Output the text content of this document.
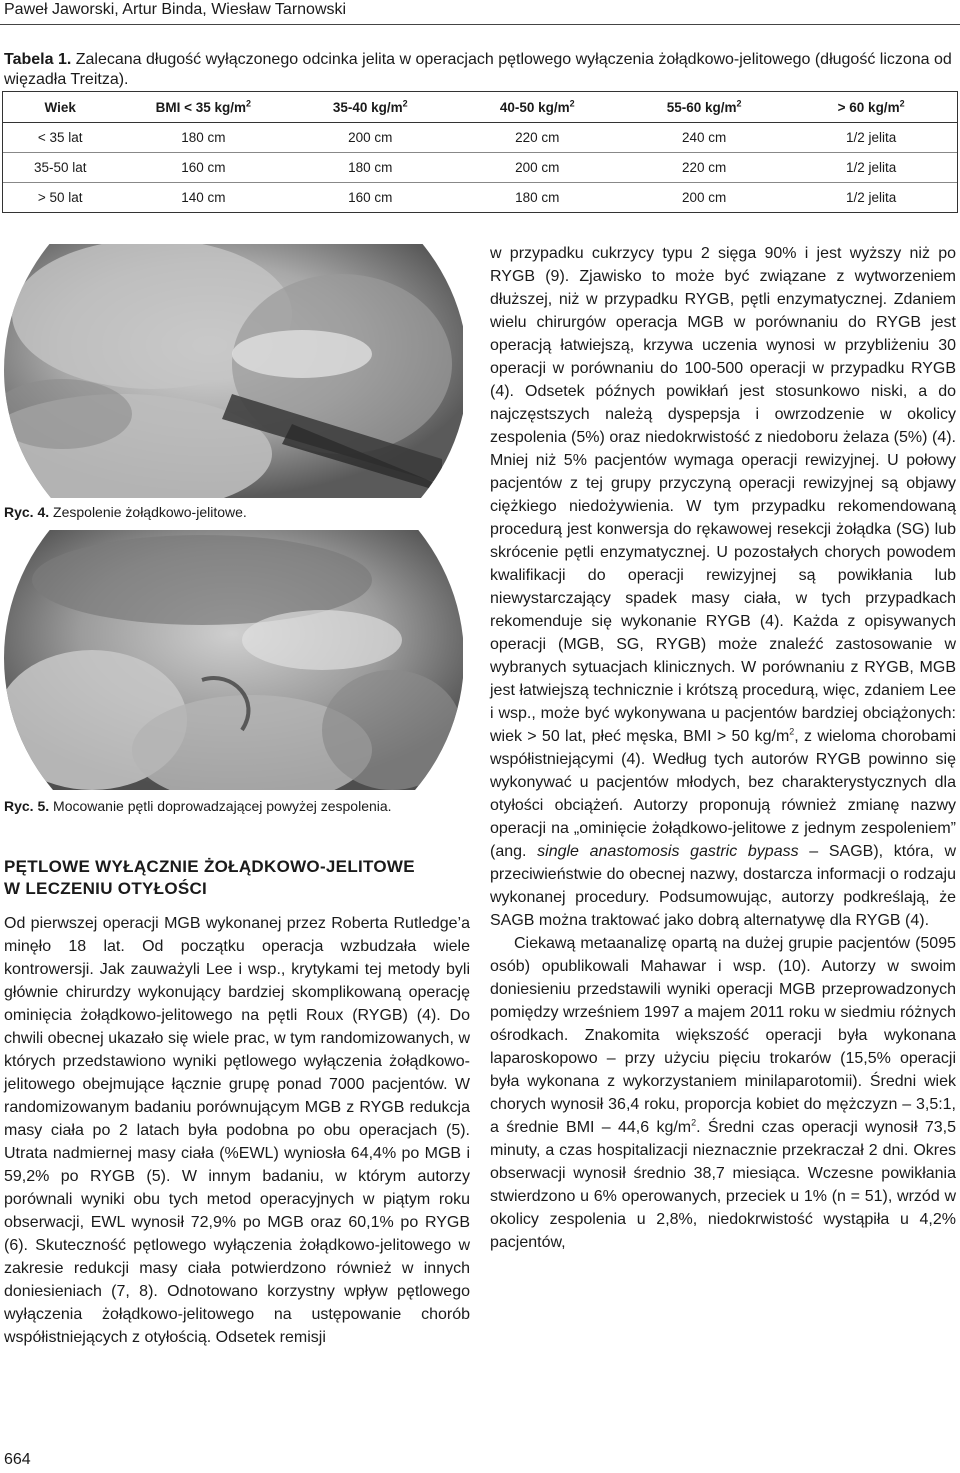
Paweł Jaworski, Artur Binda, Wiesław Tarnowski
Tabela 1. Zalecana długość wyłączonego odcinka jelita w operacjach pętlowego wyłączenia żołądkowo-jelitowego (długość liczona od więzadła Treitza).
Wiek	BMI < 35 $kg/m^2$	35-40 $kg/m^2$	40-50 $kg/m^2$	55-60 $kg/m^2$	> 60 $kg/m^2$
< 35 lat	180 cm	200 cm	220 cm	240 cm	1/2 jelita
35-50 lat	160 cm	180 cm	200 cm	220 cm	1/2 jelita
> 50 lat	140 cm	160 cm	180 cm	200 cm	1/2 jelita
Ryc. 4. Zespolenie żołądkowo-jelitowe.
Ryc. 5. Mocowanie pętli doprowadzającej powyżej zespolenia.
PĘTLOWE WYŁĄCZNIE ŻOŁĄDKOWO-JELITOWE
W LECZENIU OTYŁOŚCI

Od pierwszej operacji MGB wykonanej przez Roberta Rutledge’a minęło 18 lat. Od początku operacja wzbudzała wiele kontrowersji. Jak zauważyli Lee i wsp., krytykami tej metody byli głównie chirurdzy wykonujący bardziej skomplikowaną operację ominięcia żołądkowo-jelitowego na pętli Roux (RYGB) (4). Do chwili obecnej ukazało się wiele prac, w tym randomizowanych, w których przedstawiono wyniki pętlowego wyłączenia żołądkowo-jelitowego obejmujące łącznie grupę ponad 7000 pacjentów. W randomizowanym badaniu porównującym MGB z RYGB redukcja masy ciała po 2 latach była podobna po obu operacjach (5). Utrata nadmiernej masy ciała (%EWL) wyniosła 64,4% po MGB i 59,2% po RYGB (5). W innym badaniu, w którym autorzy porównali wyniki obu tych metod operacyjnych w piątym roku obserwacji, EWL wynosił 72,9% po MGB oraz 60,1% po RYGB (6). Skuteczność pętlowego wyłączenia żołądkowo-jelitowego w zakresie redukcji masy ciała potwierdzono również w innych doniesieniach (7, 8). Odnotowano korzystny wpływ pętlowego wyłączenia żołądkowo-jelitowego na ustępowanie chorób współistniejących z otyłością. Odsetek remisji

w przypadku cukrzycy typu 2 sięga 90% i jest wyższy niż po RYGB (9). Zjawisko to może być związane z wytworzeniem dłuższej, niż w przypadku RYGB, pętli enzymatycznej. Zdaniem wielu chirurgów operacja MGB w porównaniu do RYGB jest operacją łatwiejszą, krzywa uczenia wynosi w przybliżeniu 30 operacji w porównaniu do 100-500 operacji w przypadku RYGB (4). Odsetek późnych powikłań jest stosunkowo niski, a do najczęstszych należą dyspepsja i owrzodzenie w okolicy zespolenia (5%) oraz niedokrwistość z niedoboru żelaza (5%) (4). Mniej niż 5% pacjentów wymaga operacji rewizyjnej. U połowy pacjentów z tej grupy przyczyną operacji rewizyjnej są objawy ciężkiego niedożywienia. W tym przypadku rekomendowaną procedurą jest konwersja do rękawowej resekcji żołądka (SG) lub skrócenie pętli enzymatycznej. U pozostałych chorych powodem kwalifikacji do operacji rewizyjnej są powikłania lub niewystarczający spadek masy ciała, w tych przypadkach rekomenduje się wykonanie RYGB (4). Każda z opisywanych operacji (MGB, SG, RYGB) może znaleźć zastosowanie w wybranych sytuacjach klinicznych. W porównaniu z RYGB, MGB jest łatwiejszą technicznie i krótszą procedurą, więc, zdaniem Lee i wsp., może być wykonywana u pacjentów bardziej obciążonych: wiek > 50 lat, płeć męska, BMI > 50 $kg/m^2$, z wieloma chorobami współistniejącymi (4). Według tych autorów RYGB powinno się wykonywać u pacjentów młodych, bez charakterystycznych dla otyłości obciążeń. Autorzy proponują również zmianę nazwy operacji na „ominięcie żołądkowo-jelitowe z jednym zespoleniem” (ang. single anastomosis gastric bypass – SAGB), która, w przeciwieństwie do obecnej nazwy, dostarcza informacji o rodzaju wykonanej procedury. Podsumowując, autorzy podkreślają, że SAGB można traktować jako dobrą alternatywę dla RYGB (4).

Ciekawą metaanalizę opartą na dużej grupie pacjentów (5095 osób) opublikowali Mahawar i wsp. (10). Autorzy w swoim doniesieniu przedstawili wyniki operacji MGB przeprowadzonych pomiędzy wrześniem 1997 a majem 2011 roku w siedmiu różnych ośrodkach. Znakomita większość operacji była wykonana laparoskopowo – przy użyciu pięciu trokarów (15,5% operacji była wykonana z wykorzystaniem minilaparotomii). Średni wiek chorych wynosił 36,4 roku, proporcja kobiet do mężczyzn – 3,5:1, a średnie BMI – 44,6 $kg/m^2$. Średni czas operacji wynosił 73,5 minuty, a czas hospitalizacji nieznacznie przekraczał 2 dni. Okres obserwacji wynosił średnio 38,7 miesiąca. Wczesne powikłania stwierdzono u 6% operowanych, przeciek u 1% (n = 51), wrzód w okolicy zespolenia u 2,8%, niedokrwistość wystąpiła u 4,2% pacjentów,

664
